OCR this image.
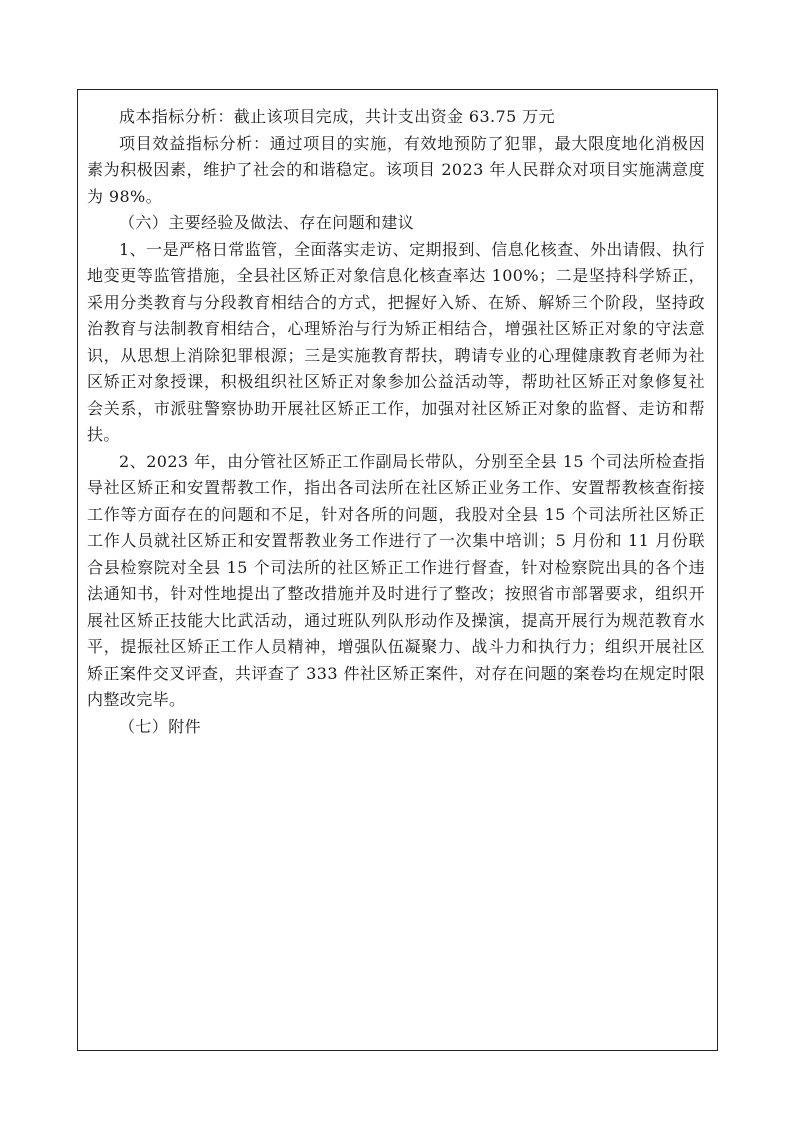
成本指标分析：截止该项目完成，共计支出资金 63.75 万元

项目效益指标分析：通过项目的实施，有效地预防了犯罪，最大限度地化消极因素为积极因素，维护了社会的和谐稳定。该项目 2023 年人民群众对项目实施满意度为 98%。

（六）主要经验及做法、存在问题和建议

1、一是严格日常监管，全面落实走访、定期报到、信息化核查、外出请假、执行地变更等监管措施，全县社区矫正对象信息化核查率达 100%；二是坚持科学矫正，采用分类教育与分段教育相结合的方式，把握好入矫、在矫、解矫三个阶段，坚持政治教育与法制教育相结合，心理矫治与行为矫正相结合，增强社区矫正对象的守法意识，从思想上消除犯罪根源；三是实施教育帮扶，聘请专业的心理健康教育老师为社区矫正对象授课，积极组织社区矫正对象参加公益活动等，帮助社区矫正对象修复社会关系，市派驻警察协助开展社区矫正工作，加强对社区矫正对象的监督、走访和帮扶。

2、2023 年，由分管社区矫正工作副局长带队，分别至全县 15 个司法所检查指导社区矫正和安置帮教工作，指出各司法所在社区矫正业务工作、安置帮教核查衔接工作等方面存在的问题和不足，针对各所的问题，我股对全县 15 个司法所社区矫正工作人员就社区矫正和安置帮教业务工作进行了一次集中培训；5 月份和 11 月份联合县检察院对全县 15 个司法所的社区矫正工作进行督查，针对检察院出具的各个违法通知书，针对性地提出了整改措施并及时进行了整改；按照省市部署要求，组织开展社区矫正技能大比武活动，通过班队列队形动作及操演，提高开展行为规范教育水平，提振社区矫正工作人员精神，增强队伍凝聚力、战斗力和执行力；组织开展社区矫正案件交叉评查，共评查了 333 件社区矫正案件，对存在问题的案卷均在规定时限内整改完毕。

（七）附件
